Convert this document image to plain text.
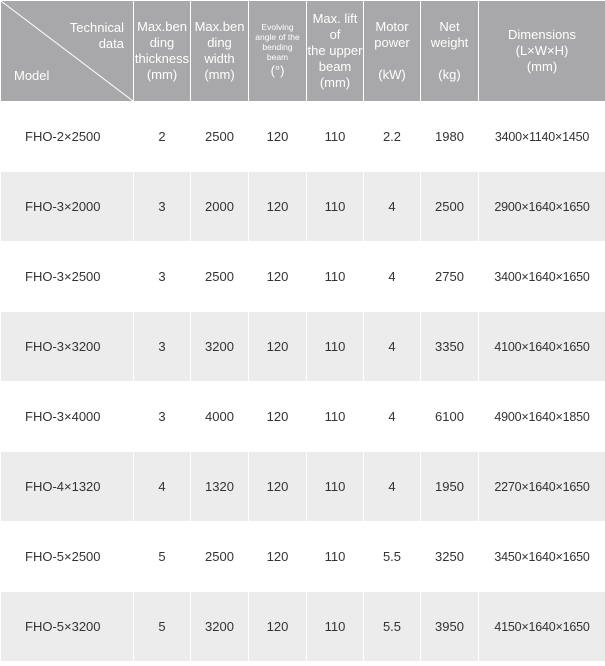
Technical
data
Model	Max.ben
ding
thickness
(mm)	Max.ben
ding
width
(mm)	Evolving
angle of the
bending
beam
(°)	Max. lift of
the upper
beam
(mm)	Motor
power

(kW)	Net
weight

(kg)	Dimensions
(L×W×H)
(mm)

FHO-2×2500	2	2500	120	110	2.2	1980	3400×1140×1450
FHO-3×2000	3	2000	120	110	4	2500	2900×1640×1650
FHO-3×2500	3	2500	120	110	4	2750	3400×1640×1650
FHO-3×3200	3	3200	120	110	4	3350	4100×1640×1650
FHO-3×4000	3	4000	120	110	4	6100	4900×1640×1850
FHO-4×1320	4	1320	120	110	4	1950	2270×1640×1650
FHO-5×2500	5	2500	120	110	5.5	3250	3450×1640×1650
FHO-5×3200	5	3200	120	110	5.5	3950	4150×1640×1650
